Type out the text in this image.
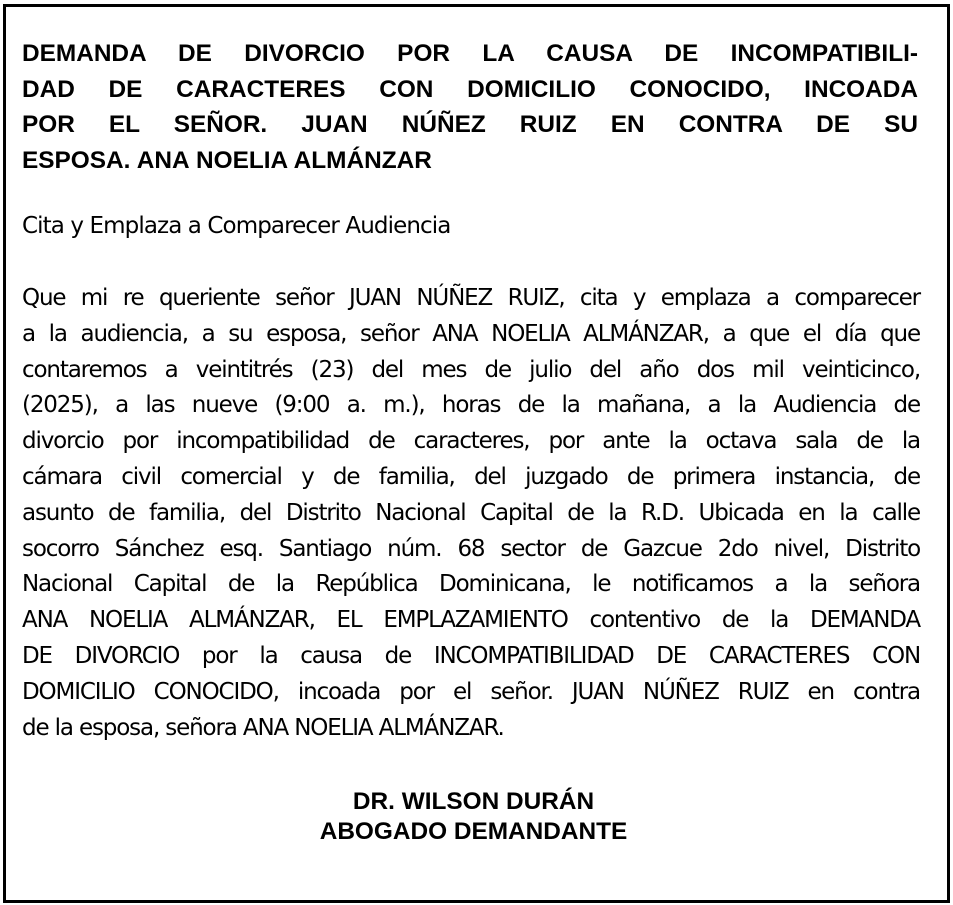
DEMANDA DE DIVORCIO POR LA CAUSA DE INCOMPATIBILI-
DAD DE CARACTERES CON DOMICILIO CONOCIDO, INCOADA
POR EL SEÑOR. JUAN NÚÑEZ RUIZ EN CONTRA DE SU
ESPOSA. ANA NOELIA ALMÁNZAR

Cita y Emplaza a Comparecer Audiencia

Que mi re queriente señor JUAN NÚÑEZ RUIZ, cita y emplaza a comparecer
a la audiencia, a su esposa, señor ANA NOELIA ALMÁNZAR, a que el día que
contaremos a veintitrés (23) del mes de julio del año dos mil veinticinco,
(2025), a las nueve (9:00 a. m.), horas de la mañana, a la Audiencia de
divorcio por incompatibilidad de caracteres, por ante la octava sala de la
cámara civil comercial y de familia, del juzgado de primera instancia, de
asunto de familia, del Distrito Nacional Capital de la R.D. Ubicada en la calle
socorro Sánchez esq. Santiago núm. 68 sector de Gazcue 2do nivel, Distrito
Nacional Capital de la República Dominicana, le notificamos a la señora
ANA NOELIA ALMÁNZAR, EL EMPLAZAMIENTO contentivo de la DEMANDA
DE DIVORCIO por la causa de INCOMPATIBILIDAD DE CARACTERES CON
DOMICILIO CONOCIDO, incoada por el señor. JUAN NÚÑEZ RUIZ en contra
de la esposa, señora ANA NOELIA ALMÁNZAR.
DR. WILSON DURÁN
ABOGADO DEMANDANTE
